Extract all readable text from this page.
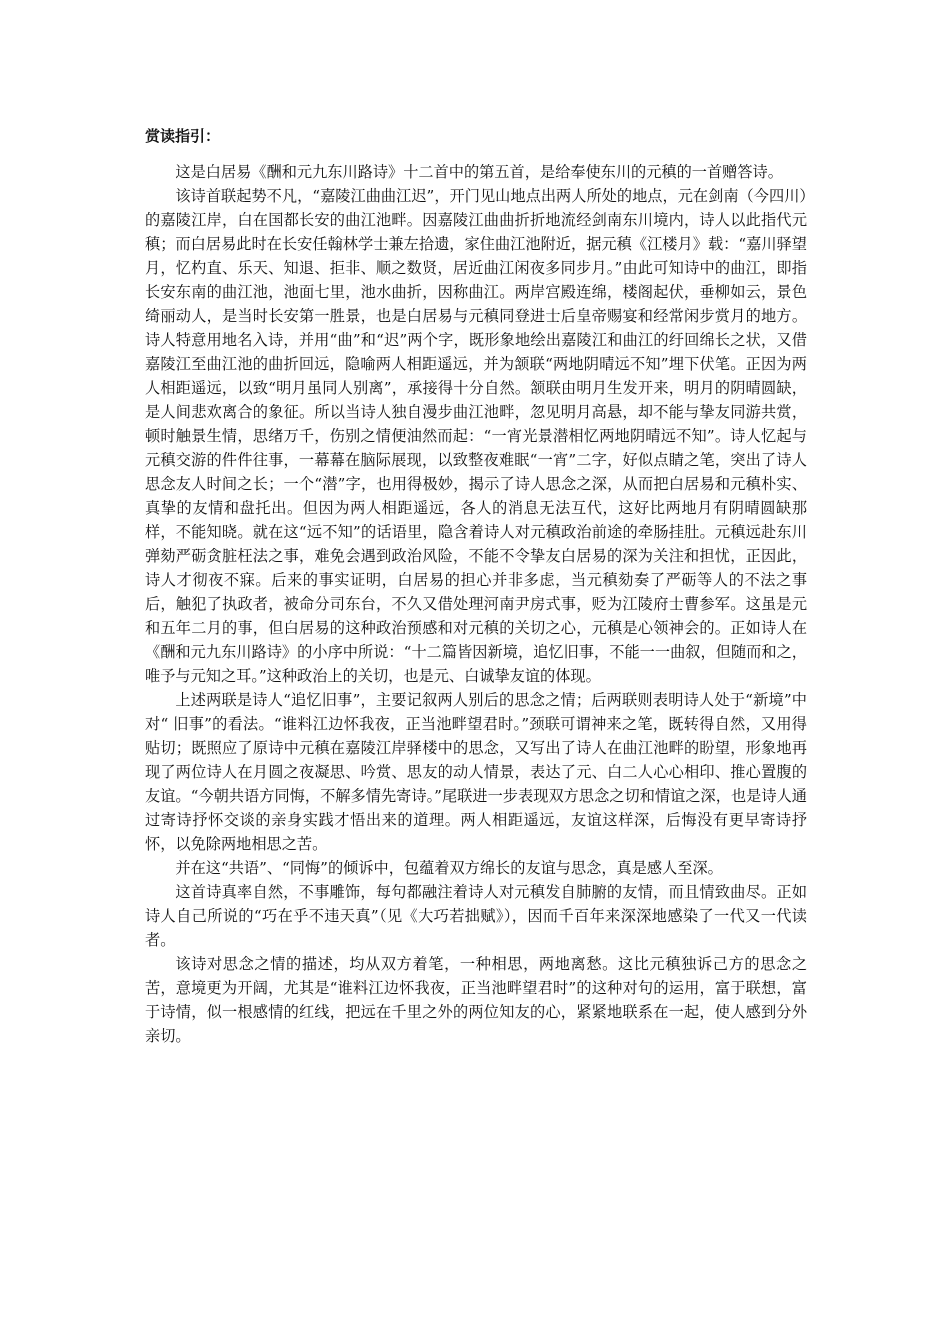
赏读指引：

这是白居易《酬和元九东川路诗》十二首中的第五首，是给奉使东川的元稹的一首赠答诗。

该诗首联起势不凡，“嘉陵江曲曲江迟”，开门见山地点出两人所处的地点，元在剑南（今四川）的嘉陵江岸，白在国都长安的曲江池畔。因嘉陵江曲曲折折地流经剑南东川境内，诗人以此指代元稹；而白居易此时在长安任翰林学士兼左拾遗，家住曲江池附近，据元稹《江楼月》载：“嘉川驿望月，忆杓直、乐天、知退、拒非、顺之数贤，居近曲江闲夜多同步月。”由此可知诗中的曲江，即指长安东南的曲江池，池面七里，池水曲折，因称曲江。两岸宫殿连绵，楼阁起伏，垂柳如云，景色绮丽动人，是当时长安第一胜景，也是白居易与元稹同登进士后皇帝赐宴和经常闲步赏月的地方。诗人特意用地名入诗，并用“曲”和“迟”两个字，既形象地绘出嘉陵江和曲江的纡回绵长之状，又借嘉陵江至曲江池的曲折回远，隐喻两人相距遥远，并为颔联“两地阴晴远不知”埋下伏笔。正因为两人相距遥远，以致“明月虽同人别离”，承接得十分自然。颔联由明月生发开来，明月的阴晴圆缺，是人间悲欢离合的象征。所以当诗人独自漫步曲江池畔，忽见明月高悬，却不能与挚友同游共赏，顿时触景生情，思绪万千，伤别之情便油然而起：“一宵光景潜相忆两地阴晴远不知”。诗人忆起与元稹交游的件件往事，一幕幕在脑际展现，以致整夜难眠“一宵”二字，好似点睛之笔，突出了诗人思念友人时间之长；一个“潜”字，也用得极妙，揭示了诗人思念之深，从而把白居易和元稹朴实、真挚的友情和盘托出。但因为两人相距遥远，各人的消息无法互代，这好比两地月有阴晴圆缺那样，不能知晓。就在这“远不知”的话语里，隐含着诗人对元稹政治前途的牵肠挂肚。元稹远赴东川弹劾严砺贪脏枉法之事，难免会遇到政治风险，不能不令挚友白居易的深为关注和担忧，正因此，诗人才彻夜不寐。后来的事实证明，白居易的担心并非多虑，当元稹劾奏了严砺等人的不法之事后，触犯了执政者，被命分司东台，不久又借处理河南尹房式事，贬为江陵府士曹参军。这虽是元和五年二月的事，但白居易的这种政治预感和对元稹的关切之心，元稹是心领神会的。正如诗人在《酬和元九东川路诗》的小序中所说：“十二篇皆因新境，追忆旧事，不能一一曲叙，但随而和之，唯予与元知之耳。”这种政治上的关切，也是元、白诚挚友谊的体现。

上述两联是诗人“追忆旧事”，主要记叙两人别后的思念之情；后两联则表明诗人处于“新境”中对“ 旧事”的看法。“谁料江边怀我夜，正当池畔望君时。”颈联可谓神来之笔，既转得自然，又用得贴切；既照应了原诗中元稹在嘉陵江岸驿楼中的思念，又写出了诗人在曲江池畔的盼望，形象地再现了两位诗人在月圆之夜凝思、吟赏、思友的动人情景，表达了元、白二人心心相印、推心置腹的友谊。“今朝共语方同悔，不解多情先寄诗。”尾联进一步表现双方思念之切和情谊之深，也是诗人通过寄诗抒怀交谈的亲身实践才悟出来的道理。两人相距遥远，友谊这样深，后悔没有更早寄诗抒怀，以免除两地相思之苦。

并在这“共语”、“同悔”的倾诉中，包蕴着双方绵长的友谊与思念，真是感人至深。

这首诗真率自然，不事雕饰，每句都融注着诗人对元稹发自肺腑的友情，而且情致曲尽。正如诗人自己所说的“巧在乎不违天真”（见《大巧若拙赋》），因而千百年来深深地感染了一代又一代读者。

该诗对思念之情的描述，均从双方着笔，一种相思，两地离愁。这比元稹独诉己方的思念之苦，意境更为开阔，尤其是“谁料江边怀我夜，正当池畔望君时”的这种对句的运用，富于联想，富于诗情，似一根感情的红线，把远在千里之外的两位知友的心，紧紧地联系在一起，使人感到分外亲切。
